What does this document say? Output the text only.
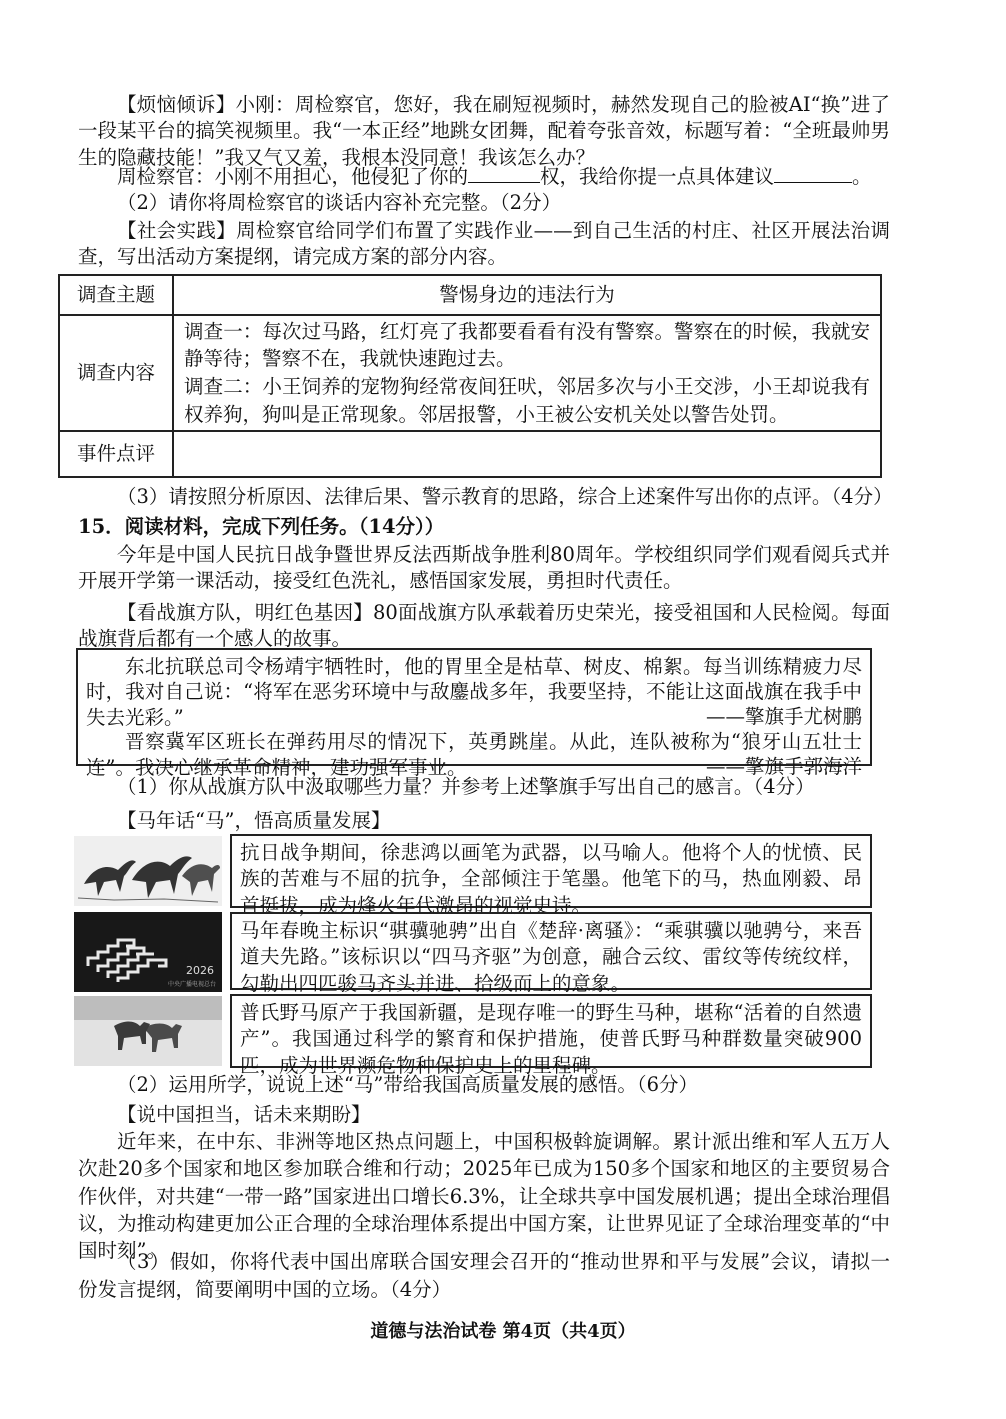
【烦恼倾诉】小刚：周检察官，您好，我在刷短视频时，赫然发现自己的脸被AI“换”进了一段某平台的搞笑视频里。我“一本正经”地跳女团舞，配着夸张音效，标题写着：“全班最帅男生的隐藏技能！”我又气又羞，我根本没同意！我该怎么办？

周检察官：小刚不用担心，他侵犯了你的	权，我给你提一点具体建议	。

（2）请你将周检察官的谈话内容补充完整。（2分）

【社会实践】周检察官给同学们布置了实践作业——到自己生活的村庄、社区开展法治调查，写出活动方案提纲，请完成方案的部分内容。

调查主题	警惕身边的违法行为
调查内容	调查一：每次过马路，红灯亮了我都要看看有没有警察。警察在的时候，我就安静等待；警察不在，我就快速跑过去。
调查二：小王饲养的宠物狗经常夜间狂吠，邻居多次与小王交涉，小王却说我有权养狗，狗叫是正常现象。邻居报警，小王被公安机关处以警告处罚。

事件点评	

（3）请按照分析原因、法律后果、警示教育的思路，综合上述案件写出你的点评。（4分）

15．阅读材料，完成下列任务。（14分））

今年是中国人民抗日战争暨世界反法西斯战争胜利80周年。学校组织同学们观看阅兵式并开展开学第一课活动，接受红色洗礼，感悟国家发展，勇担时代责任。

【看战旗方队，明红色基因】80面战旗方队承载着历史荣光，接受祖国和人民检阅。每面战旗背后都有一个感人的故事。

东北抗联总司令杨靖宇牺牲时，他的胃里全是枯草、树皮、棉絮。每当训练精疲力尽时，我对自己说：“将军在恶劣环境中与敌鏖战多年，我要坚持，不能让这面战旗在我手中失去光彩。”	——擎旗手尤树鹏
晋察冀军区班长在弹药用尽的情况下，英勇跳崖。从此，连队被称为“狼牙山五壮士连”。我决心继承革命精神，建功强军事业。	——擎旗手郭海洋

（1）你从战旗方队中汲取哪些力量？并参考上述擎旗手写出自己的感言。（4分）

【马年话“马”，悟高质量发展】

抗日战争期间，徐悲鸿以画笔为武器，以马喻人。他将个人的忧愤、民族的苦难与不屈的抗争，全部倾注于笔墨。他笔下的马，热血刚毅、昂首挺拔，成为烽火年代激昂的视觉史诗。
2026
中央广播电视总台
马年春晚主标识“骐骥驰骋”出自《楚辞·离骚》：“乘骐骥以驰骋兮，来吾道夫先路。”该标识以“四马齐驱”为创意，融合云纹、雷纹等传统纹样，勾勒出四匹骏马齐头并进、拾级而上的意象。
普氏野马原产于我国新疆，是现存唯一的野生马种，堪称“活着的自然遗产”。我国通过科学的繁育和保护措施，使普氏野马种群数量突破900匹，成为世界濒危物种保护史上的里程碑。

（2）运用所学，说说上述“马”带给我国高质量发展的感悟。（6分）

【说中国担当，话未来期盼】

近年来，在中东、非洲等地区热点问题上，中国积极斡旋调解。累计派出维和军人五万人次赴20多个国家和地区参加联合维和行动；2025年已成为150多个国家和地区的主要贸易合作伙伴，对共建“一带一路”国家进出口增长6.3%，让全球共享中国发展机遇；提出全球治理倡议，为推动构建更加公正合理的全球治理体系提出中国方案，让世界见证了全球治理变革的“中国时刻”。

（3）假如，你将代表中国出席联合国安理会召开的“推动世界和平与发展”会议，请拟一份发言提纲，简要阐明中国的立场。（4分）

道德与法治试卷 第4页（共4页）
